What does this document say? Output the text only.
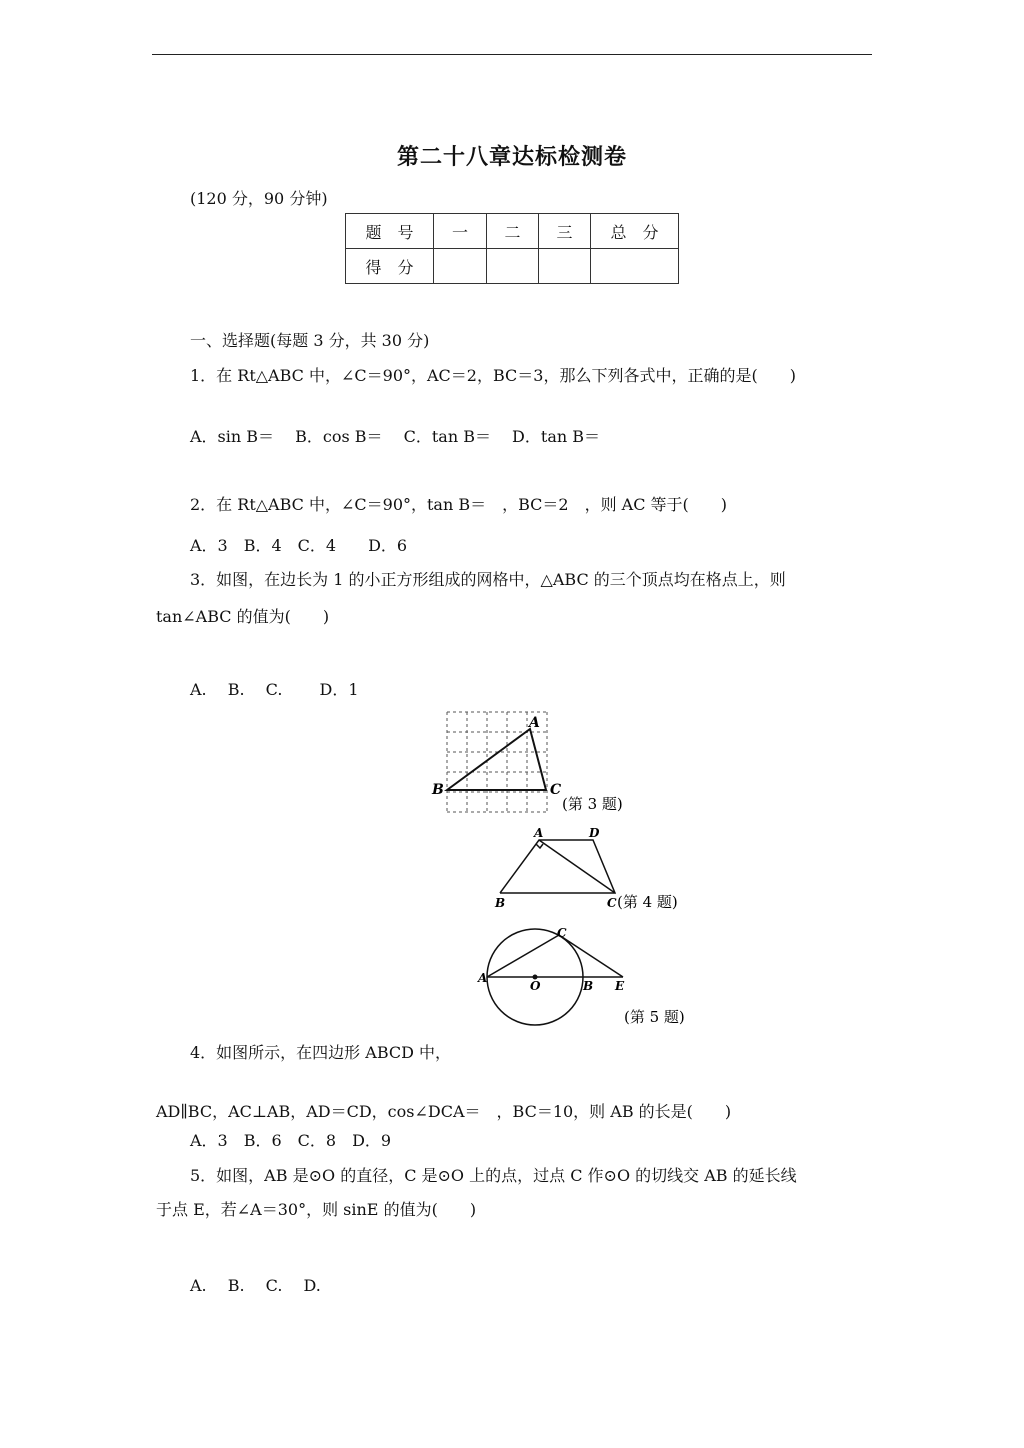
第二十八章达标检测卷
(120 分，90 分钟)
题　号	一	二	三	总　分
得　分				
一、选择题(每题 3 分，共 30 分)
1．在 Rt△ABC 中，∠C＝90°，AC＝2，BC＝3，那么下列各式中，正确的是(　　)
A．sin B＝　 B．cos B＝　 C．tan B＝　 D．tan B＝
2．在 Rt△ABC 中，∠C＝90°，tan B＝　，BC＝2　，则 AC 等于(　　)
A．3　B．4　C．4　　D．6
3．如图，在边长为 1 的小正方形组成的网格中，△ABC 的三个顶点均在格点上，则
tan∠ABC 的值为(　　)
A.　 B.　 C.　　 D．1
A
B	C
(第 3 题)
A	D
B	C (第 4 题)
A
C
O	B E
(第 5 题)
4．如图所示，在四边形 ABCD 中，
AD∥BC，AC⊥AB，AD＝CD，cos∠DCA＝　，BC＝10，则 AB 的长是(　　)
A．3　B．6　C．8　D．9
5．如图，AB 是⊙O 的直径，C 是⊙O 上的点，过点 C 作⊙O 的切线交 AB 的延长线
于点 E，若∠A＝30°，则 sinE 的值为(　　)
A.　 B.　 C.　 D.
